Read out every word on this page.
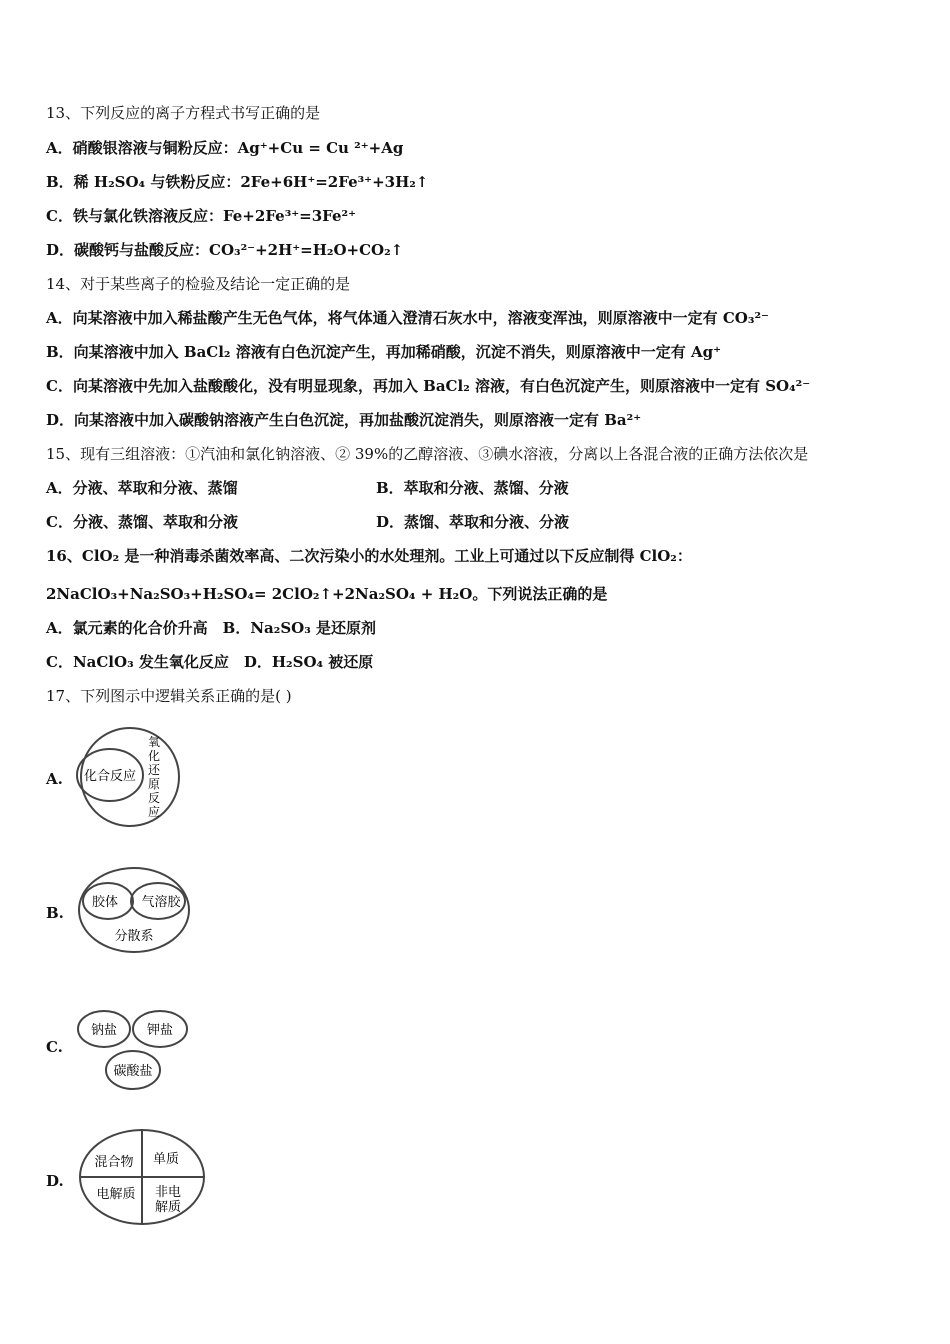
13、下列反应的离子方程式书写正确的是
A．硝酸银溶液与铜粉反应：Ag⁺+Cu = Cu ²⁺+Ag
B．稀 H₂SO₄ 与铁粉反应：2Fe+6H⁺=2Fe³⁺+3H₂↑
C．铁与氯化铁溶液反应：Fe+2Fe³⁺=3Fe²⁺
D．碳酸钙与盐酸反应：CO₃²⁻+2H⁺=H₂O+CO₂↑
14、对于某些离子的检验及结论一定正确的是
A．向某溶液中加入稀盐酸产生无色气体，将气体通入澄清石灰水中，溶液变浑浊，则原溶液中一定有 CO₃²⁻
B．向某溶液中加入 BaCl₂ 溶液有白色沉淀产生，再加稀硝酸，沉淀不消失，则原溶液中一定有 Ag⁺
C．向某溶液中先加入盐酸酸化，没有明显现象，再加入 BaCl₂ 溶液，有白色沉淀产生，则原溶液中一定有 SO₄²⁻
D．向某溶液中加入碳酸钠溶液产生白色沉淀，再加盐酸沉淀消失，则原溶液一定有 Ba²⁺
15、现有三组溶液：①汽油和氯化钠溶液、② 39%的乙醇溶液、③碘水溶液，分离以上各混合液的正确方法依次是
A．分液、萃取和分液、蒸馏	B．萃取和分液、蒸馏、分液
C．分液、蒸馏、萃取和分液	D．蒸馏、萃取和分液、分液
16、ClO₂ 是一种消毒杀菌效率高、二次污染小的水处理剂。工业上可通过以下反应制得 ClO₂：
2NaClO₃+Na₂SO₃+H₂SO₄= 2ClO₂↑+2Na₂SO₄ + H₂O。下列说法正确的是
A．氯元素的化合价升高　B．Na₂SO₃ 是还原剂
C．NaClO₃ 发生氧化反应　D．H₂SO₄ 被还原
17、下列图示中逻辑关系正确的是( )
A. 化合反应
氧
化
还
原
反
应
B.
胶体 气溶胶
分散系
C.
钠盐 钾盐
碳酸盐
D.
混合物 单质
电解质 非电
解质
